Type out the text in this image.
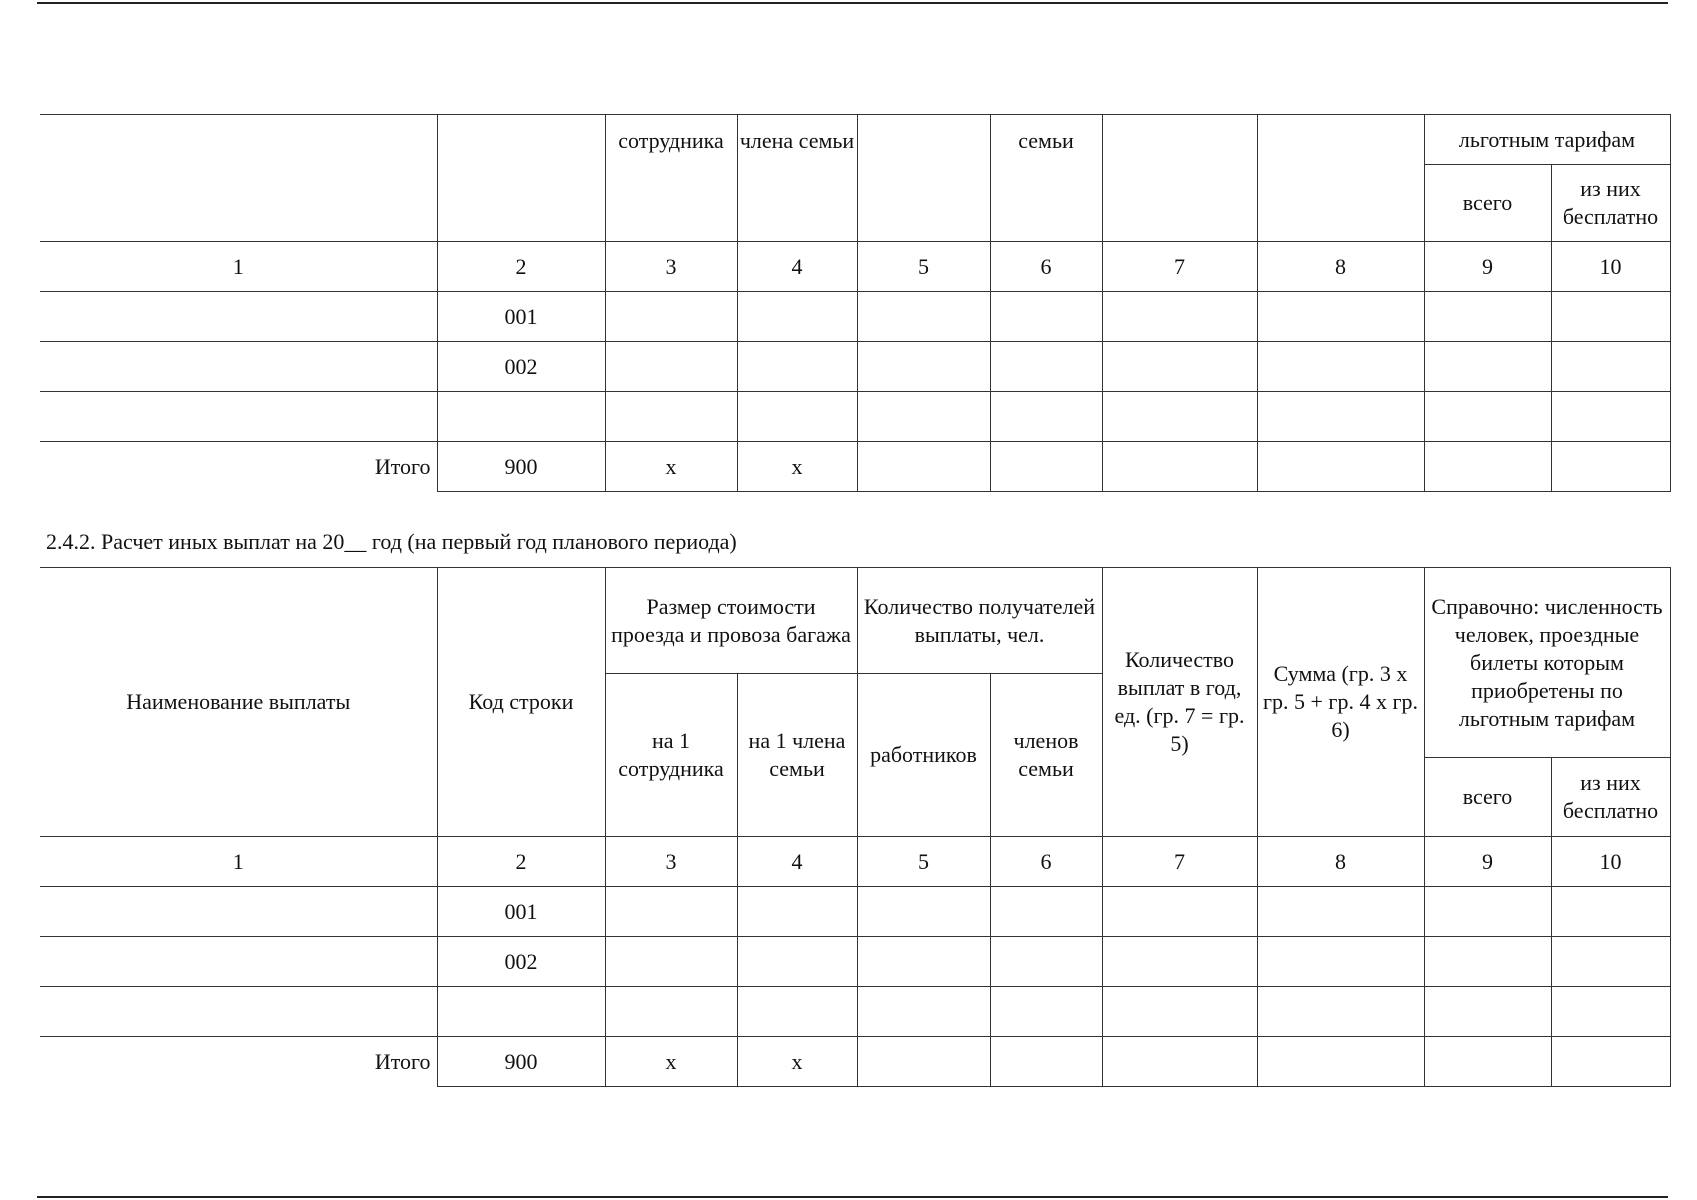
		сотрудника	члена семьи		семьи			льготным тарифам	
								всего	из них бесплатно
1	2	3	4	5	6	7	8	9	10
	001								
	002								

Итого	900	x	x						
2.4.2. Расчет иных выплат на 20__ год (на первый год планового периода)
Наименование выплаты	Код строки	Размер стоимости проезда и провоза багажа		Количество получателей выплаты, чел.		Количество выплат в год, ед. (гр. 7 = гр. 5)	Сумма (гр. 3 x гр. 5 + гр. 4 x гр. 6)	Справочно: численность человек, проездные билеты которым приобретены по льготным тарифам	
		на 1 сотрудника	на 1 члена семьи	работников	членов семьи				
								всего	из них бесплатно
1	2	3	4	5	6	7	8	9	10
	001								
	002								

Итого	900	x	x						
